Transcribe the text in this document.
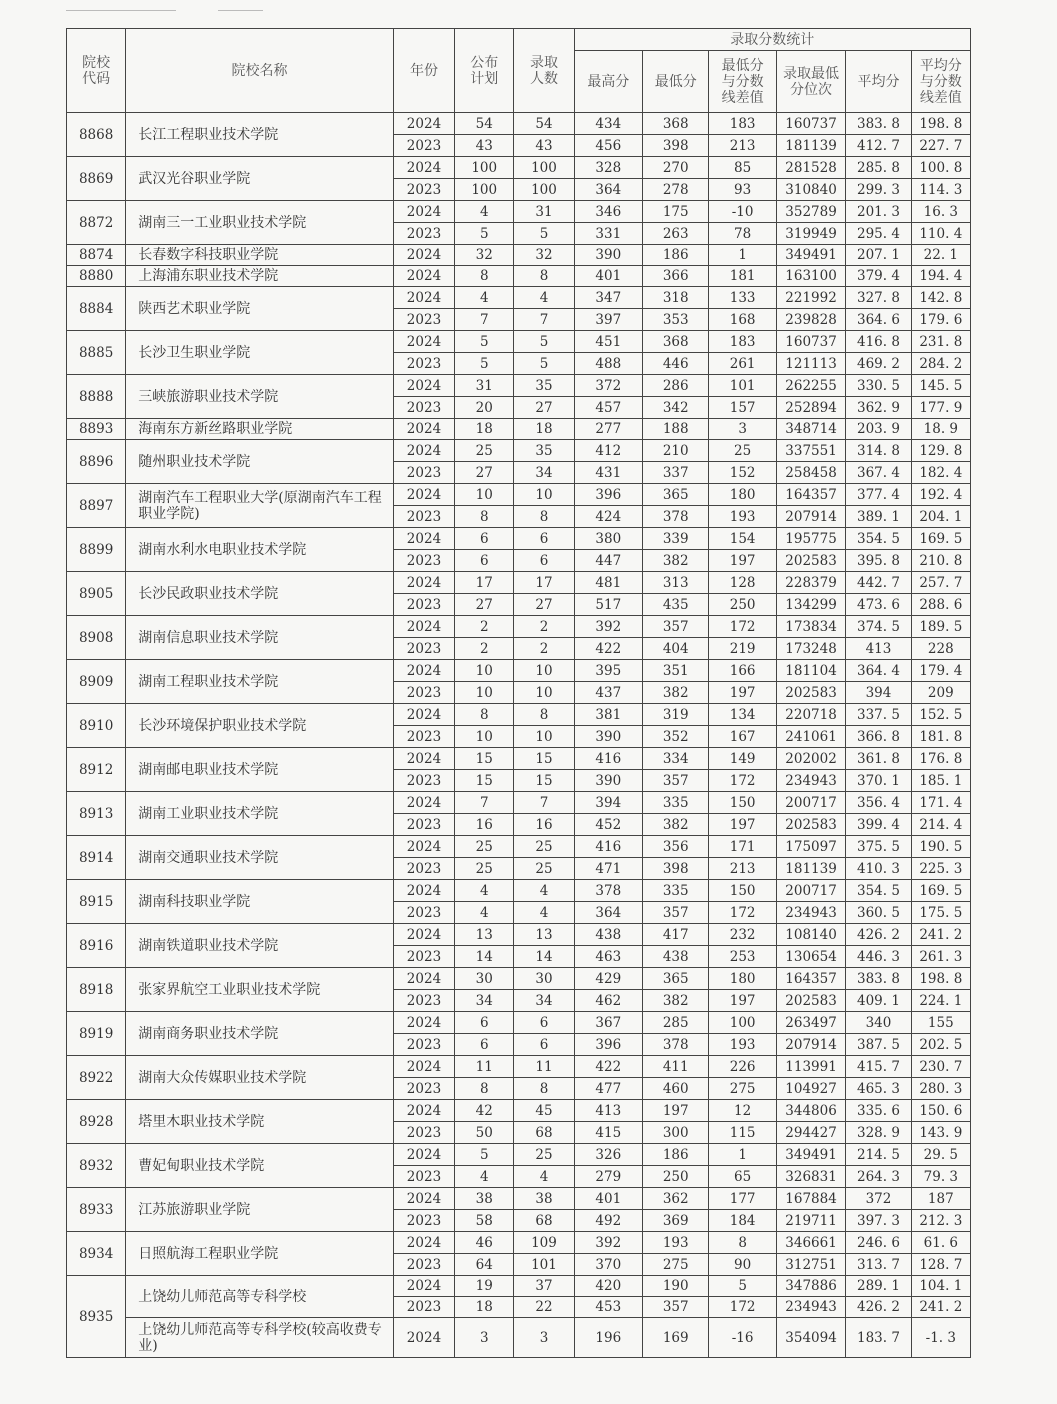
院校代码	院校名称	年份	公布计划	录取人数	录取分数统计					
					最高分	最低分	最低分与分数线差值	录取最低分位次	平均分	平均分与分数线差值
8868	长江工程职业技术学院	2024	54	54	434	368	183	160737	383. 8	198. 8
		2023	43	43	456	398	213	181139	412. 7	227. 7
8869	武汉光谷职业学院	2024	100	100	328	270	85	281528	285. 8	100. 8
		2023	100	100	364	278	93	310840	299. 3	114. 3
8872	湖南三一工业职业技术学院	2024	4	31	346	175	-10	352789	201. 3	16. 3
		2023	5	5	331	263	78	319949	295. 4	110. 4
8874	长春数字科技职业学院	2024	32	32	390	186	1	349491	207. 1	22. 1
8880	上海浦东职业技术学院	2024	8	8	401	366	181	163100	379. 4	194. 4
8884	陕西艺术职业学院	2024	4	4	347	318	133	221992	327. 8	142. 8
		2023	7	7	397	353	168	239828	364. 6	179. 6
8885	长沙卫生职业学院	2024	5	5	451	368	183	160737	416. 8	231. 8
		2023	5	5	488	446	261	121113	469. 2	284. 2
8888	三峡旅游职业技术学院	2024	31	35	372	286	101	262255	330. 5	145. 5
		2023	20	27	457	342	157	252894	362. 9	177. 9
8893	海南东方新丝路职业学院	2024	18	18	277	188	3	348714	203. 9	18. 9
8896	随州职业技术学院	2024	25	35	412	210	25	337551	314. 8	129. 8
		2023	27	34	431	337	152	258458	367. 4	182. 4
8897	湖南汽车工程职业大学(原湖南汽车工程职业学院)	2024	10	10	396	365	180	164357	377. 4	192. 4
		2023	8	8	424	378	193	207914	389. 1	204. 1
8899	湖南水利水电职业技术学院	2024	6	6	380	339	154	195775	354. 5	169. 5
		2023	6	6	447	382	197	202583	395. 8	210. 8
8905	长沙民政职业技术学院	2024	17	17	481	313	128	228379	442. 7	257. 7
		2023	27	27	517	435	250	134299	473. 6	288. 6
8908	湖南信息职业技术学院	2024	2	2	392	357	172	173834	374. 5	189. 5
		2023	2	2	422	404	219	173248	413	228
8909	湖南工程职业技术学院	2024	10	10	395	351	166	181104	364. 4	179. 4
		2023	10	10	437	382	197	202583	394	209
8910	长沙环境保护职业技术学院	2024	8	8	381	319	134	220718	337. 5	152. 5
		2023	10	10	390	352	167	241061	366. 8	181. 8
8912	湖南邮电职业技术学院	2024	15	15	416	334	149	202002	361. 8	176. 8
		2023	15	15	390	357	172	234943	370. 1	185. 1
8913	湖南工业职业技术学院	2024	7	7	394	335	150	200717	356. 4	171. 4
		2023	16	16	452	382	197	202583	399. 4	214. 4
8914	湖南交通职业技术学院	2024	25	25	416	356	171	175097	375. 5	190. 5
		2023	25	25	471	398	213	181139	410. 3	225. 3
8915	湖南科技职业学院	2024	4	4	378	335	150	200717	354. 5	169. 5
		2023	4	4	364	357	172	234943	360. 5	175. 5
8916	湖南铁道职业技术学院	2024	13	13	438	417	232	108140	426. 2	241. 2
		2023	14	14	463	438	253	130654	446. 3	261. 3
8918	张家界航空工业职业技术学院	2024	30	30	429	365	180	164357	383. 8	198. 8
		2023	34	34	462	382	197	202583	409. 1	224. 1
8919	湖南商务职业技术学院	2024	6	6	367	285	100	263497	340	155
		2023	6	6	396	378	193	207914	387. 5	202. 5
8922	湖南大众传媒职业技术学院	2024	11	11	422	411	226	113991	415. 7	230. 7
		2023	8	8	477	460	275	104927	465. 3	280. 3
8928	塔里木职业技术学院	2024	42	45	413	197	12	344806	335. 6	150. 6
		2023	50	68	415	300	115	294427	328. 9	143. 9
8932	曹妃甸职业技术学院	2024	5	25	326	186	1	349491	214. 5	29. 5
		2023	4	4	279	250	65	326831	264. 3	79. 3
8933	江苏旅游职业学院	2024	38	38	401	362	177	167884	372	187
		2023	58	68	492	369	184	219711	397. 3	212. 3
8934	日照航海工程职业学院	2024	46	109	392	193	8	346661	246. 6	61. 6
		2023	64	101	370	275	90	312751	313. 7	128. 7
8935	上饶幼儿师范高等专科学校	2024	19	37	420	190	5	347886	289. 1	104. 1
		2023	18	22	453	357	172	234943	426. 2	241. 2
	上饶幼儿师范高等专科学校(较高收费专业)	2024	3	3	196	169	-16	354094	183. 7	-1. 3
